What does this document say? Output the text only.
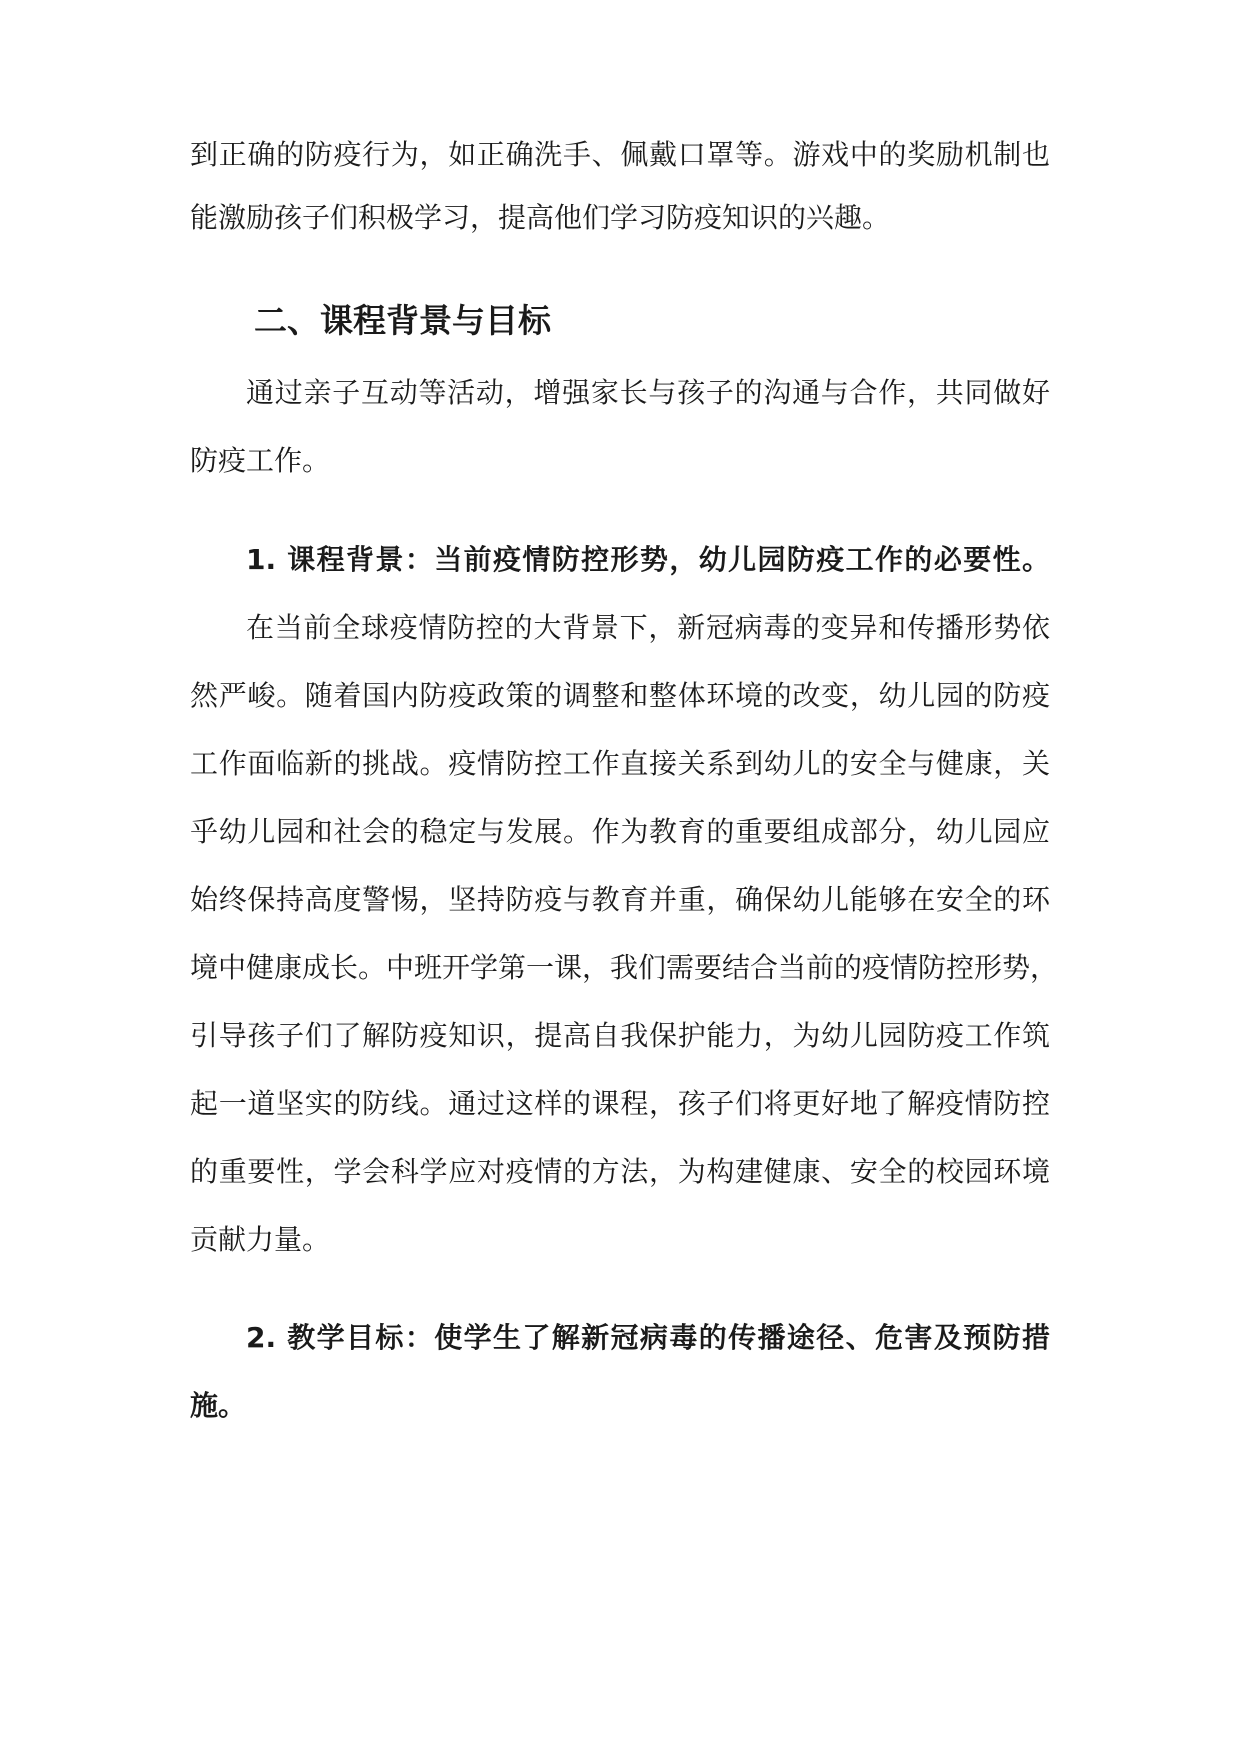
到正确的防疫行为，如正确洗手、佩戴口罩等。游戏中的奖励机制也
能激励孩子们积极学习，提高他们学习防疫知识的兴趣。
二、课程背景与目标
通过亲子互动等活动，增强家长与孩子的沟通与合作，共同做好
防疫工作。
1. 课程背景：当前疫情防控形势，幼儿园防疫工作的必要性。
在当前全球疫情防控的大背景下，新冠病毒的变异和传播形势依
然严峻。随着国内防疫政策的调整和整体环境的改变，幼儿园的防疫
工作面临新的挑战。疫情防控工作直接关系到幼儿的安全与健康，关
乎幼儿园和社会的稳定与发展。作为教育的重要组成部分，幼儿园应
始终保持高度警惕，坚持防疫与教育并重，确保幼儿能够在安全的环
境中健康成长。中班开学第一课，我们需要结合当前的疫情防控形势，
引导孩子们了解防疫知识，提高自我保护能力，为幼儿园防疫工作筑
起一道坚实的防线。通过这样的课程，孩子们将更好地了解疫情防控
的重要性，学会科学应对疫情的方法，为构建健康、安全的校园环境
贡献力量。
2. 教学目标：使学生了解新冠病毒的传播途径、危害及预防措
施。
